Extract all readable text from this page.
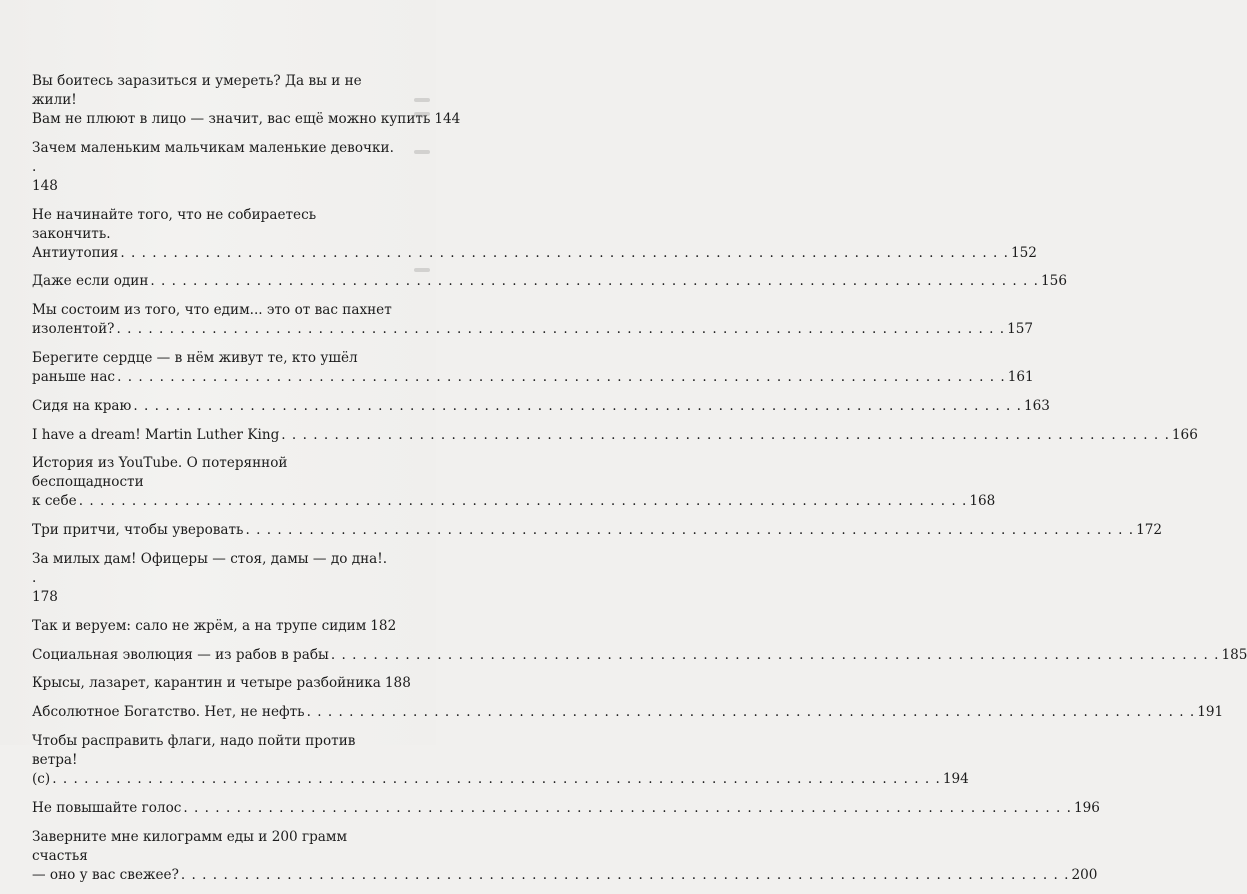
Вы боитесь заразиться и умереть? Да вы и не жили!
Вам не плюют в лицо — значит, вас ещё можно купить 144
Зачем маленьким мальчикам маленькие девочки. .
148
Не начинайте того, что не собираетесь закончить.
Антиутопия . . .	152
Даже если один . . .	156
Мы состоим из того, что едим... это от вас пахнет
изолентой? . . .	157
Берегите сердце — в нём живут те, кто ушёл
раньше нас . . .	161
Сидя на краю . . .	163
I have a dream! Martin Luther King . . .	166
История из YouTube. О потерянной беспощадности
к себе . . .	168
Три притчи, чтобы уверовать . . .	172
За милых дам! Офицеры — стоя, дамы — до дна!. .
178
Так и веруем: сало не жрём, а на трупе сидим 182
Социальная эволюция — из рабов в рабы . . .	185
Крысы, лазарет, карантин и четыре разбойника 188
Абсолютное Богатство. Нет, не нефть . . .	191
Чтобы расправить флаги, надо пойти против ветра!
(c) . . .	194
Не повышайте голос . . .	196
Заверните мне килограмм еды и 200 грамм счастья
— оно у вас свежее? . . .	200
